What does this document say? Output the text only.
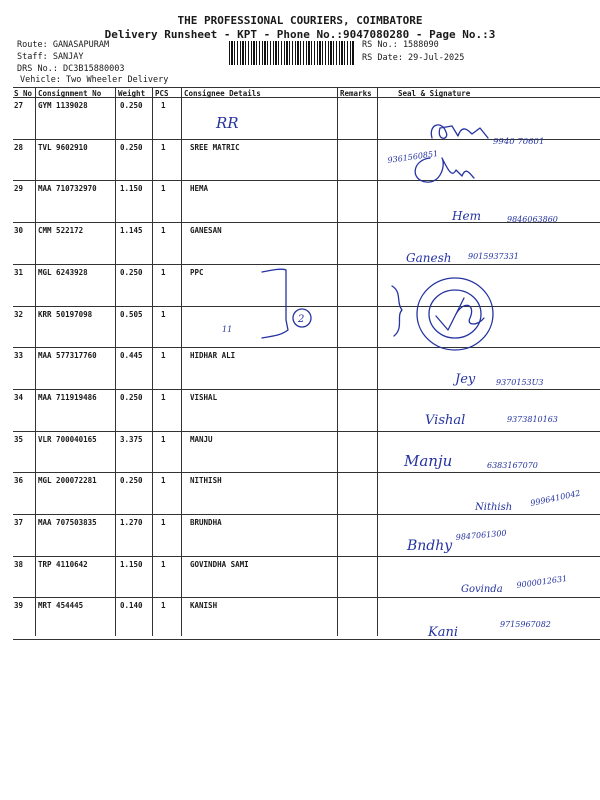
THE PROFESSIONAL COURIERS, COIMBATORE
Delivery Runsheet - KPT - Phone No.:9047080280 - Page No.:3
Route: GANASAPURAM
Staff: SANJAY
DRS No.: DC3B15880003
Vehicle: Two Wheeler Delivery
RS No.: 1588090
RS Date: 29-Jul-2025
S No Consignment No Weight PCS Consignee Details	Remarks	Seal & Signature
27 GYM 1139028	0.250 1
28 TVL 9602910	0.250 1	SREE MATRIC
29 MAA 710732970	1.150 1	HEMA
30 CMM 522172	1.145 1	GANESAN
31 MGL 6243928	0.250 1	PPC
32 KRR 50197098	0.505 1
33 MAA 577317760	0.445 1	HIDHAR ALI
34 MAA 711919486	0.250 1	VISHAL
35 VLR 700040165	3.375 1	MANJU
36 MGL 200072281	0.250 1	NITHISH
37 MAA 707503835	1.270 1	BRUNDHA
38 TRP 4110642	1.150 1	GOVINDHA SAMI
39 MRT 454445	0.140 1	KANISH
RR
9940 70601
9361560851
Hem	9846063860
Ganesh 9015937331
2
11
Jey	9370153U3
Vishal	9373810163
Manju	6383167070
Nithish 9996410042
Bndhy
9847061300
Govinda 9000012631
Kani
9715967082
